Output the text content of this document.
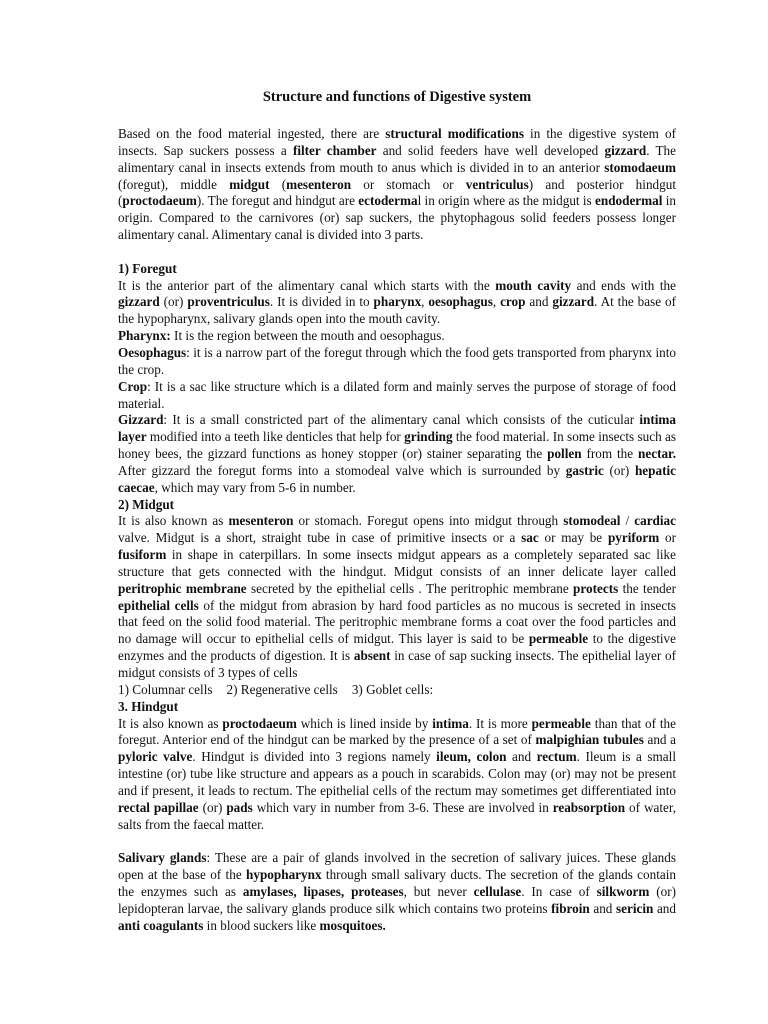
Structure and functions of Digestive system

Based on the food material ingested, there are structural modifications in the digestive system of insects. Sap suckers possess a filter chamber and solid feeders have well developed gizzard. The alimentary canal in insects extends from mouth to anus which is divided in to an anterior stomodaeum (foregut), middle midgut (mesenteron or stomach or ventriculus) and posterior hindgut (proctodaeum). The foregut and hindgut are ectodermal in origin where as the midgut is endodermal in origin. Compared to the carnivores (or) sap suckers, the phytophagous solid feeders possess longer alimentary canal. Alimentary canal is divided into 3 parts.

1) Foregut

It is the anterior part of the alimentary canal which starts with the mouth cavity and ends with the gizzard (or) proventriculus. It is divided in to pharynx, oesophagus, crop and gizzard. At the base of the hypopharynx, salivary glands open into the mouth cavity.

Pharynx: It is the region between the mouth and oesophagus.

Oesophagus: it is a narrow part of the foregut through which the food gets transported from pharynx into the crop.

Crop: It is a sac like structure which is a dilated form and mainly serves the purpose of storage of food material.

Gizzard: It is a small constricted part of the alimentary canal which consists of the cuticular intima layer modified into a teeth like denticles that help for grinding the food material. In some insects such as honey bees, the gizzard functions as honey stopper (or) stainer separating the pollen from the nectar. After gizzard the foregut forms into a stomodeal valve which is surrounded by gastric (or) hepatic caecae, which may vary from 5-6 in number.

2) Midgut

It is also known as mesenteron or stomach. Foregut opens into midgut through stomodeal / cardiac valve. Midgut is a short, straight tube in case of primitive insects or a sac or may be pyriform or fusiform in shape in caterpillars. In some insects midgut appears as a completely separated sac like structure that gets connected with the hindgut. Midgut consists of an inner delicate layer called peritrophic membrane secreted by the epithelial cells . The peritrophic membrane protects the tender epithelial cells of the midgut from abrasion by hard food particles as no mucous is secreted in insects that feed on the solid food material. The peritrophic membrane forms a coat over the food particles and no damage will occur to epithelial cells of midgut. This layer is said to be permeable to the digestive enzymes and the products of digestion. It is absent in case of sap sucking insects. The epithelial layer of midgut consists of 3 types of cells

1) Columnar cells 2) Regenerative cells 3) Goblet cells:
3. Hindgut

It is also known as proctodaeum which is lined inside by intima. It is more permeable than that of the foregut. Anterior end of the hindgut can be marked by the presence of a set of malpighian tubules and a pyloric valve. Hindgut is divided into 3 regions namely ileum, colon and rectum. Ileum is a small intestine (or) tube like structure and appears as a pouch in scarabids. Colon may (or) may not be present and if present, it leads to rectum. The epithelial cells of the rectum may sometimes get differentiated into rectal papillae (or) pads which vary in number from 3-6. These are involved in reabsorption of water, salts from the faecal matter.

Salivary glands: These are a pair of glands involved in the secretion of salivary juices. These glands open at the base of the hypopharynx through small salivary ducts. The secretion of the glands contain the enzymes such as amylases, lipases, proteases, but never cellulase. In case of silkworm (or) lepidopteran larvae, the salivary glands produce silk which contains two proteins fibroin and sericin and anti coagulants in blood suckers like mosquitoes.
